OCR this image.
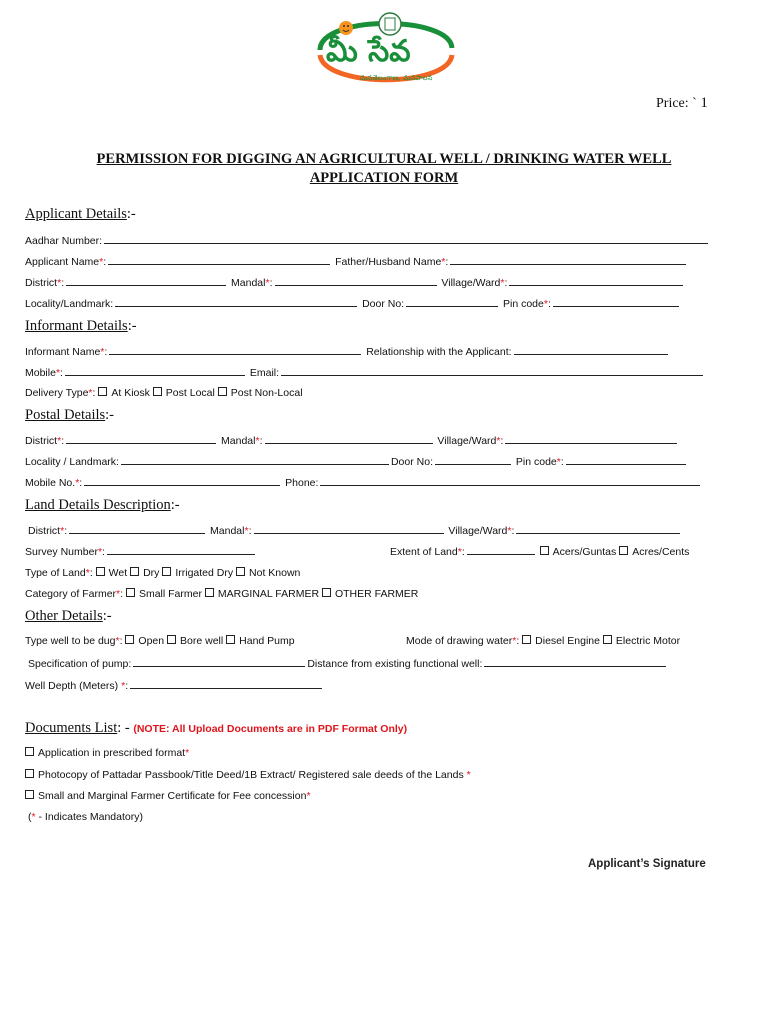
మీ సేవ
మనతెలంగాణ, మనపాలన
Price: ` 1
PERMISSION FOR DIGGING AN AGRICULTURAL WELL / DRINKING WATER WELL
APPLICATION FORM
Applicant Details:-
Aadhar Number:
Applicant Name*:	Father/Husband Name*:
District*:	Mandal*:	Village/Ward*:
Locality/Landmark:	Door No:	Pin code*:
Informant Details:-
Informant Name*:	Relationship with the Applicant:
Mobile*:	Email:
Delivery Type*: At Kiosk Post Local Post Non-Local
Postal Details:-
District*:	Mandal*:	Village/Ward*:
Locality / Landmark:	Door No:	Pin code*:
Mobile No.*:	Phone:
Land Details Description:-
District*:	Mandal*:	Village/Ward*:
Survey Number*:	Extent of Land*:	Acers/Guntas Acres/Cents
Type of Land*: Wet Dry Irrigated Dry Not Known
Category of Farmer*: Small Farmer MARGINAL FARMER OTHER FARMER
Other Details:-
Type well to be dug*: Open Bore well Hand Pump	Mode of drawing water*: Diesel Engine Electric Motor
Specification of pump:	Distance from existing functional well:
Well Depth (Meters) *:
Documents List: - (NOTE: All Upload Documents are in PDF Format Only)
Application in prescribed format*
Photocopy of Pattadar Passbook/Title Deed/1B Extract/ Registered sale deeds of the Lands *
Small and Marginal Farmer Certificate for Fee concession*
(* - Indicates Mandatory)
Applicant’s Signature
